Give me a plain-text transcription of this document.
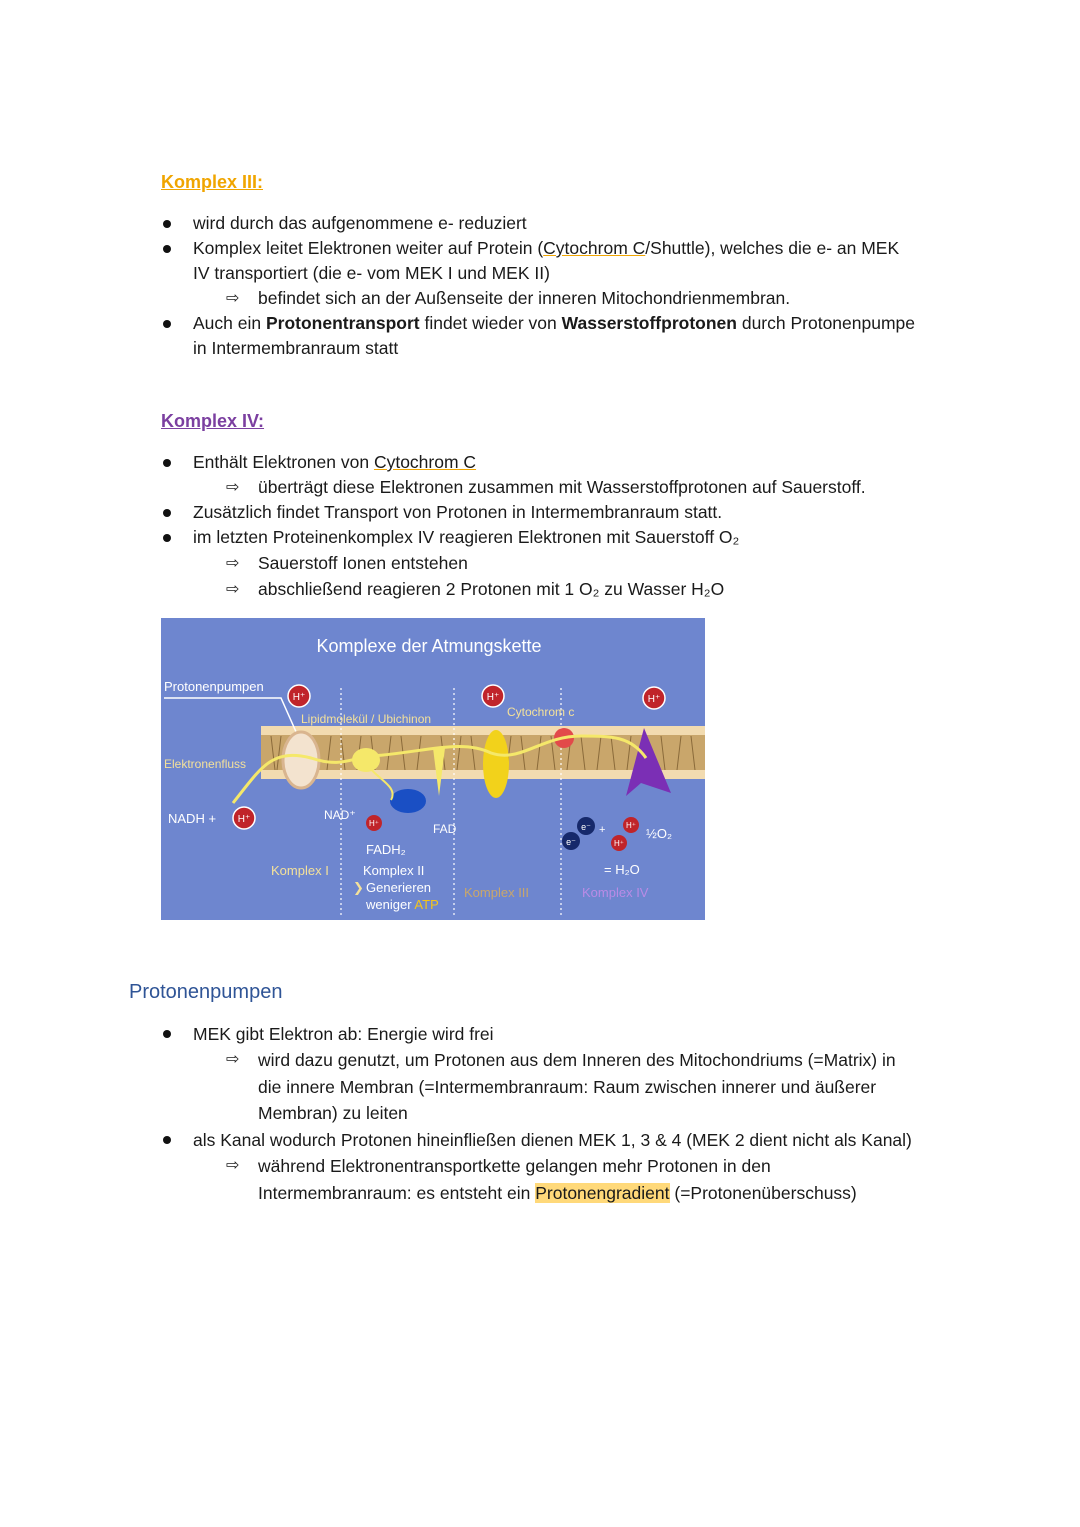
Komplex III:
wird durch das aufgenommene e- reduziert
Komplex leitet Elektronen weiter auf Protein (Cytochrom C/Shuttle), welches die e- an MEK
IV transportiert (die e- vom MEK I und MEK II)
⇨ befindet sich an der Außenseite der inneren Mitochondrienmembran.
Auch ein Protonentransport findet wieder von Wasserstoffprotonen durch Protonenpumpe
in Intermembranraum statt
Komplex IV:
Enthält Elektronen von Cytochrom C
⇨ überträgt diese Elektronen zusammen mit Wasserstoffprotonen auf Sauerstoff.
Zusätzlich findet Transport von Protonen in Intermembranraum statt.
im letzten Proteinenkomplex IV reagieren Elektronen mit Sauerstoff O₂
⇨ Sauerstoff Ionen entstehen
⇨ abschließend reagieren 2 Protonen mit 1 O₂ zu Wasser H₂O
Komplexe der Atmungskette
Protonenpumpen
Lipidmolekül / Ubichinon	Cytochrom c
Elektronenfluss
H⁺	H⁺	H⁺
H⁺	H⁺	H⁺
H⁺
e⁻
e⁻
+	½O₂
= H₂O
NADH +	NAD⁺
FAD
FADH₂
Komplex I	Komplex II
❯ Generieren
weniger ATP
Komplex III	Komplex IV
Protonenpumpen
MEK gibt Elektron ab: Energie wird frei
⇨ wird dazu genutzt, um Protonen aus dem Inneren des Mitochondriums (=Matrix) in
die innere Membran (=Intermembranraum: Raum zwischen innerer und äußerer
Membran) zu leiten
als Kanal wodurch Protonen hineinfließen dienen MEK 1, 3 & 4 (MEK 2 dient nicht als Kanal)
⇨ während Elektronentransportkette gelangen mehr Protonen in den
Intermembranraum: es entsteht ein Protonengradient (=Protonenüberschuss)
